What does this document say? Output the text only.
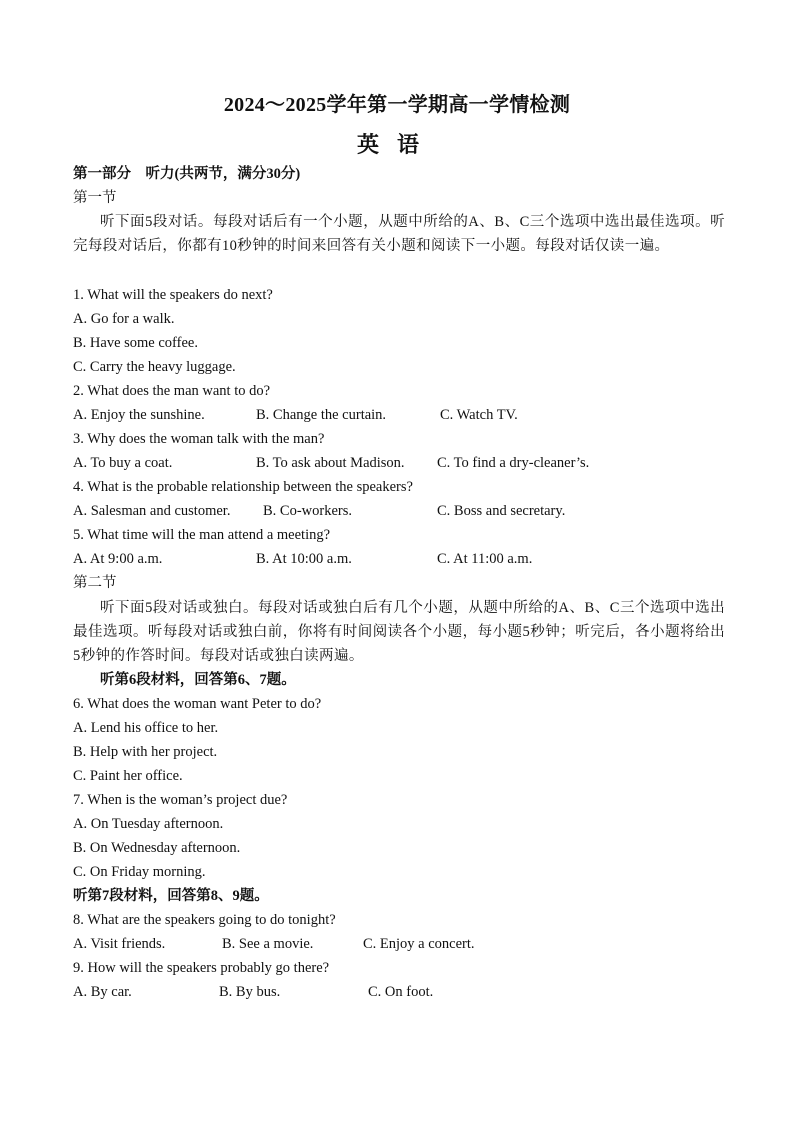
2024～2025学年第一学期高一学情检测
英语
第一部分　听力(共两节，满分30分)
第一节
听下面5段对话。每段对话后有一个小题，从题中所给的A、B、C三个选项中选出最佳选项。听完每段对话后，你都有10秒钟的时间来回答有关小题和阅读下一小题。每段对话仅读一遍。
1. What will the speakers do next?
A. Go for a walk.
B. Have some coffee.
C. Carry the heavy luggage.
2. What does the man want to do?
A. Enjoy the sunshine.	B. Change the curtain.	C. Watch TV.
3. Why does the woman talk with the man?
A. To buy a coat.	B. To ask about Madison. C. To find a dry-cleaner’s.
4. What is the probable relationship between the speakers?
A. Salesman and customer. B. Co-workers.	C. Boss and secretary.
5. What time will the man attend a meeting?
A. At 9:00 a.m.	B. At 10:00 a.m.	C. At 11:00 a.m.
第二节
听下面5段对话或独白。每段对话或独白后有几个小题，从题中所给的A、B、C三个选项中选出最佳选项。听每段对话或独白前，你将有时间阅读各个小题，每小题5秒钟；听完后，各小题将给出5秒钟的作答时间。每段对话或独白读两遍。
听第6段材料，回答第6、7题。
6. What does the woman want Peter to do?
A. Lend his office to her.
B. Help with her project.
C. Paint her office.
7. When is the woman’s project due?
A. On Tuesday afternoon.
B. On Wednesday afternoon.
C. On Friday morning.
听第7段材料，回答第8、9题。
8. What are the speakers going to do tonight?
A. Visit friends.	B. See a movie.	C. Enjoy a concert.
9. How will the speakers probably go there?
A. By car.	B. By bus.	C. On foot.
